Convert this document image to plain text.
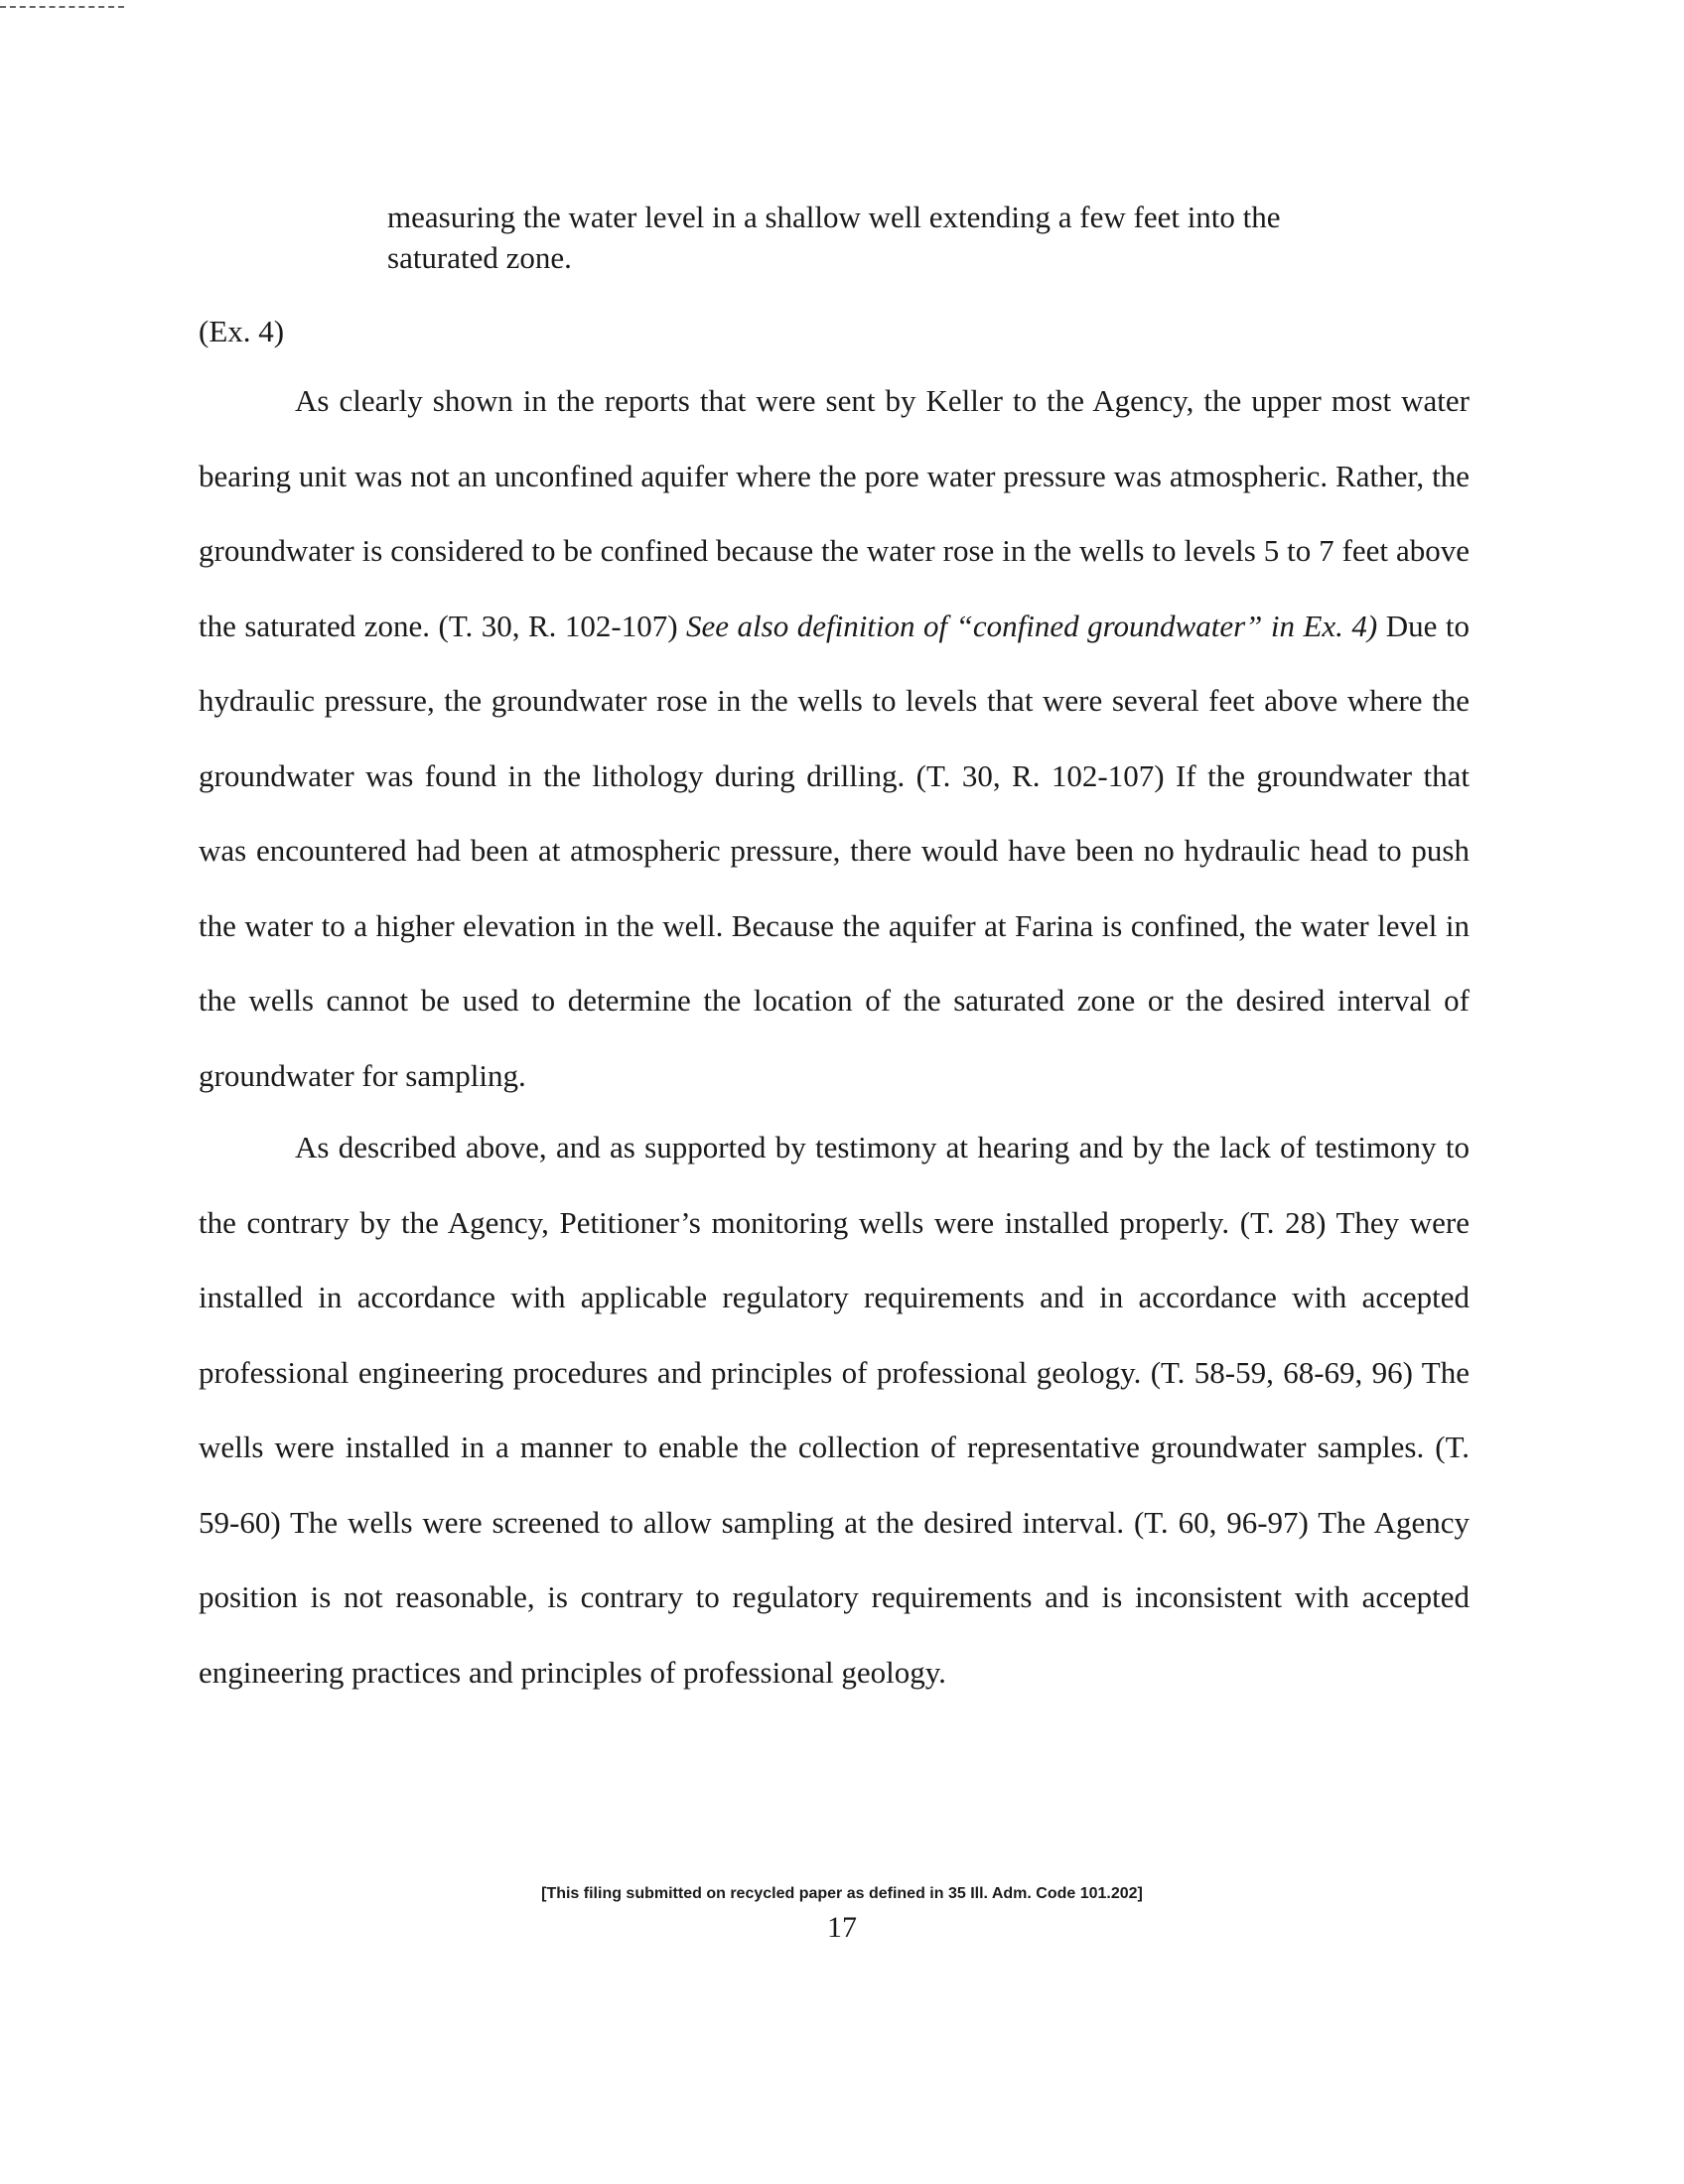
measuring the water level in a shallow well extending a few feet into the saturated zone.
(Ex. 4)

As clearly shown in the reports that were sent by Keller to the Agency, the upper most water bearing unit was not an unconfined aquifer where the pore water pressure was atmospheric. Rather, the groundwater is considered to be confined because the water rose in the wells to levels 5 to 7 feet above the saturated zone. (T. 30, R. 102-107) See also definition of “confined groundwater” in Ex. 4) Due to hydraulic pressure, the groundwater rose in the wells to levels that were several feet above where the groundwater was found in the lithology during drilling. (T. 30, R. 102-107) If the groundwater that was encountered had been at atmospheric pressure, there would have been no hydraulic head to push the water to a higher elevation in the well. Because the aquifer at Farina is confined, the water level in the wells cannot be used to determine the location of the saturated zone or the desired interval of groundwater for sampling.

As described above, and as supported by testimony at hearing and by the lack of testimony to the contrary by the Agency, Petitioner’s monitoring wells were installed properly. (T. 28) They were installed in accordance with applicable regulatory requirements and in accordance with accepted professional engineering procedures and principles of professional geology. (T. 58-59, 68-69, 96) The wells were installed in a manner to enable the collection of representative groundwater samples. (T. 59-60) The wells were screened to allow sampling at the desired interval. (T. 60, 96-97) The Agency position is not reasonable, is contrary to regulatory requirements and is inconsistent with accepted engineering practices and principles of professional geology.

[This filing submitted on recycled paper as defined in 35 Ill. Adm. Code 101.202]
17
